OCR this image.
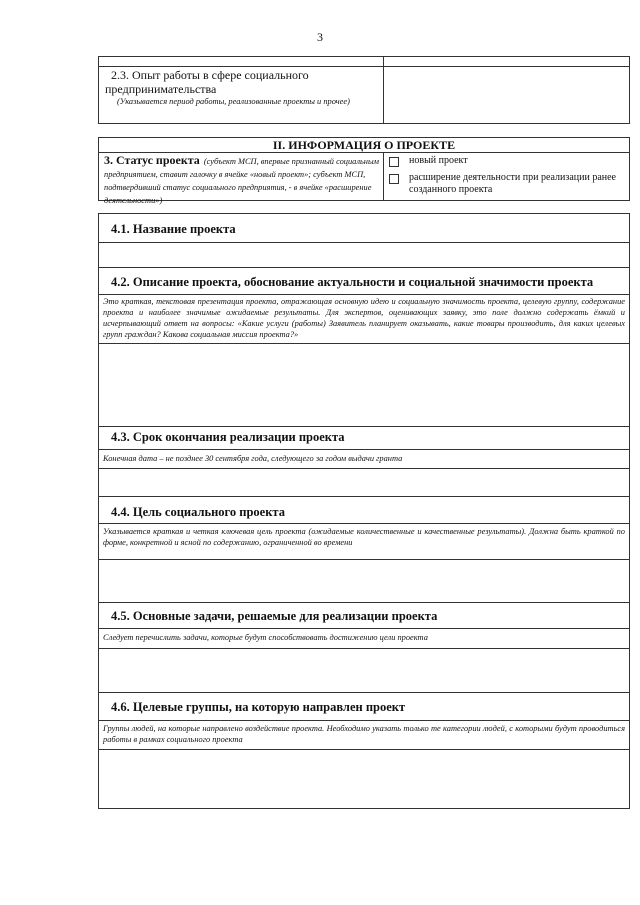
3
2.3. Опыт работы в сфере социального
предпринимательства
(Указывается период работы, реализованные проекты и прочее)
II. ИНФОРМАЦИЯ О ПРОЕКТЕ
3. Статус проекта (субъект МСП, впервые признанный социальным предприятием, ставит галочку в ячейке «новый проект»; субъект МСП, подтвердивший статус социального предприятия, - в ячейке «расширение деятельности»)
новый проект
расширение деятельности при реализации ранее созданного проекта
4.1. Название проекта
4.2. Описание проекта, обоснование актуальности и социальной значимости проекта
Это краткая, текстовая презентация проекта, отражающая основную идею и социальную значимость проекта, целевую группу, содержание проекта и наиболее значимые ожидаемые результаты. Для экспертов, оценивающих заявку, это поле должно содержать ёмкий и исчерпывающий ответ на вопросы: «Какие услуги (работы) Заявитель планирует оказывать, какие товары производить, для каких целевых групп граждан? Какова социальная миссия проекта?»
4.3. Срок окончания реализации проекта
Конечная дата – не позднее 30 сентября года, следующего за годом выдачи гранта
4.4. Цель социального проекта
Указывается краткая и четкая ключевая цель проекта (ожидаемые количественные и качественные результаты). Должна быть краткой по форме, конкретной и ясной по содержанию, ограниченной во времени
4.5. Основные задачи, решаемые для реализации проекта
Следует перечислить задачи, которые будут способствовать достижению цели проекта
4.6. Целевые группы, на которую направлен проект
Группы людей, на которые направлено воздействие проекта. Необходимо указать только те категории людей, с которыми будут проводиться работы в рамках социального проекта
